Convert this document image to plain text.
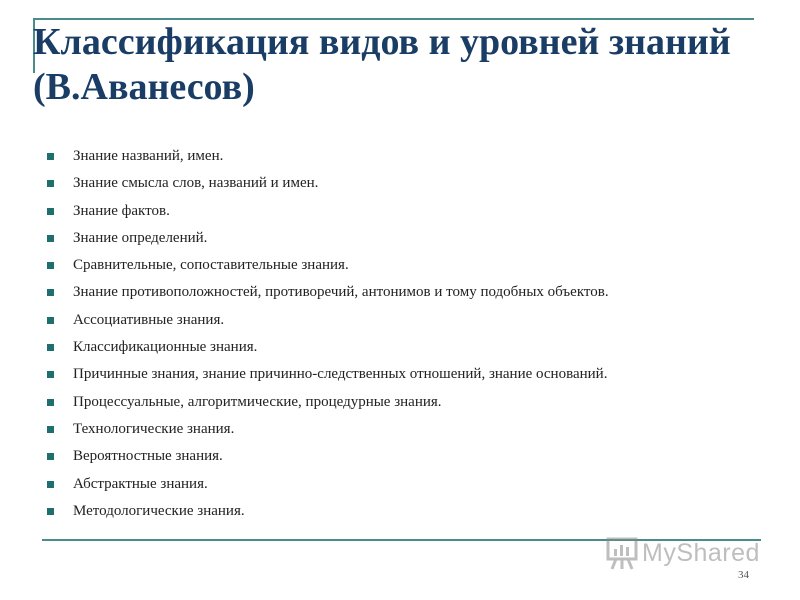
Классификация видов и уровней знаний (В.Аванесов)
Знание названий, имен.
Знание смысла слов, названий и имен.
Знание фактов.
Знание определений.
Сравнительные, сопоставительные знания.
Знание противоположностей, противоречий, антонимов и тому подобных объектов.
Ассоциативные знания.
Классификационные знания.
Причинные знания, знание причинно-следственных отношений, знание оснований.
Процессуальные, алгоритмические, процедурные знания.
Технологические знания.
Вероятностные знания.
Абстрактные знания.
Методологические знания.
MyShared
34
